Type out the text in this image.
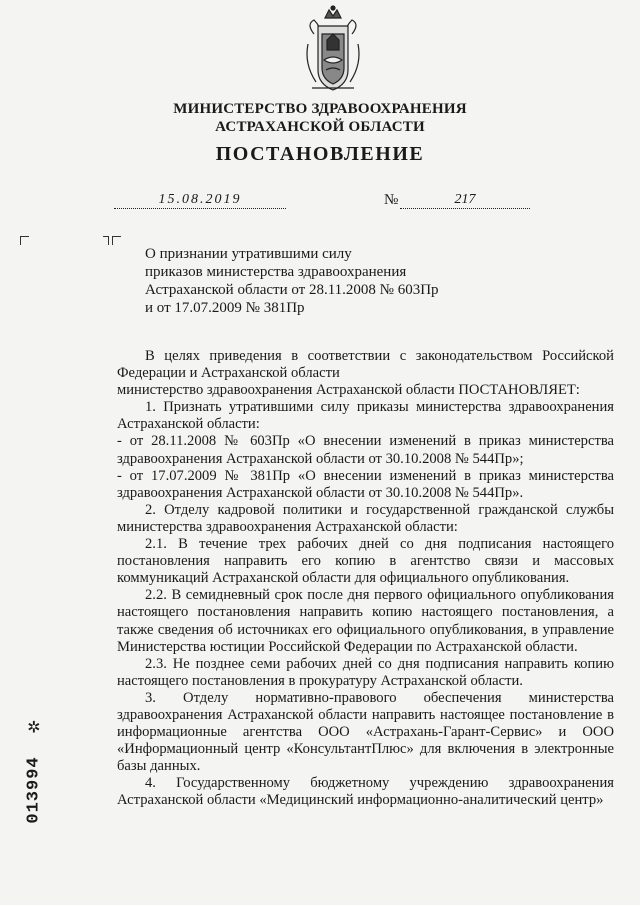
МИНИСТЕРСТВО ЗДРАВООХРАНЕНИЯ
АСТРАХАНСКОЙ ОБЛАСТИ
ПОСТАНОВЛЕНИЕ
15.08.2019	№	217
О признании утратившими силу
приказов министерства здравоохранения
Астраханской области от 28.11.2008 № 603Пр
и от 17.07.2009 № 381Пр

В целях приведения в соответствии с законодательством Российской Федерации и Астраханской области

министерство здравоохранения Астраханской области ПОСТАНОВЛЯЕТ:

1. Признать утратившими силу приказы министерства здравоохранения Астраханской области:

- от 28.11.2008 № 603Пр «О внесении изменений в приказ министерства здравоохранения Астраханской области от 30.10.2008 № 544Пр»;

- от 17.07.2009 № 381Пр «О внесении изменений в приказ министерства здравоохранения Астраханской области от 30.10.2008 № 544Пр».

2. Отделу кадровой политики и государственной гражданской службы министерства здравоохранения Астраханской области:

2.1. В течение трех рабочих дней со дня подписания настоящего постановления направить его копию в агентство связи и массовых коммуникаций Астраханской области для официального опубликования.

2.2. В семидневный срок после дня первого официального опубликования настоящего постановления направить копию настоящего постановления, а также сведения об источниках его официального опубликования, в управление Министерства юстиции Российской Федерации по Астраханской области.

2.3. Не позднее семи рабочих дней со дня подписания направить копию настоящего постановления в прокуратуру Астраханской области.

3. Отделу нормативно-правового обеспечения министерства здравоохранения Астраханской области направить настоящее постановление в информационные агентства ООО «Астрахань-Гарант-Сервис» и ООО «Информационный центр «КонсультантПлюс» для включения в электронные базы данных.

4. Государственному бюджетному учреждению здравоохранения Астраханской области «Медицинский информационно-аналитический центр»

✲
013994
